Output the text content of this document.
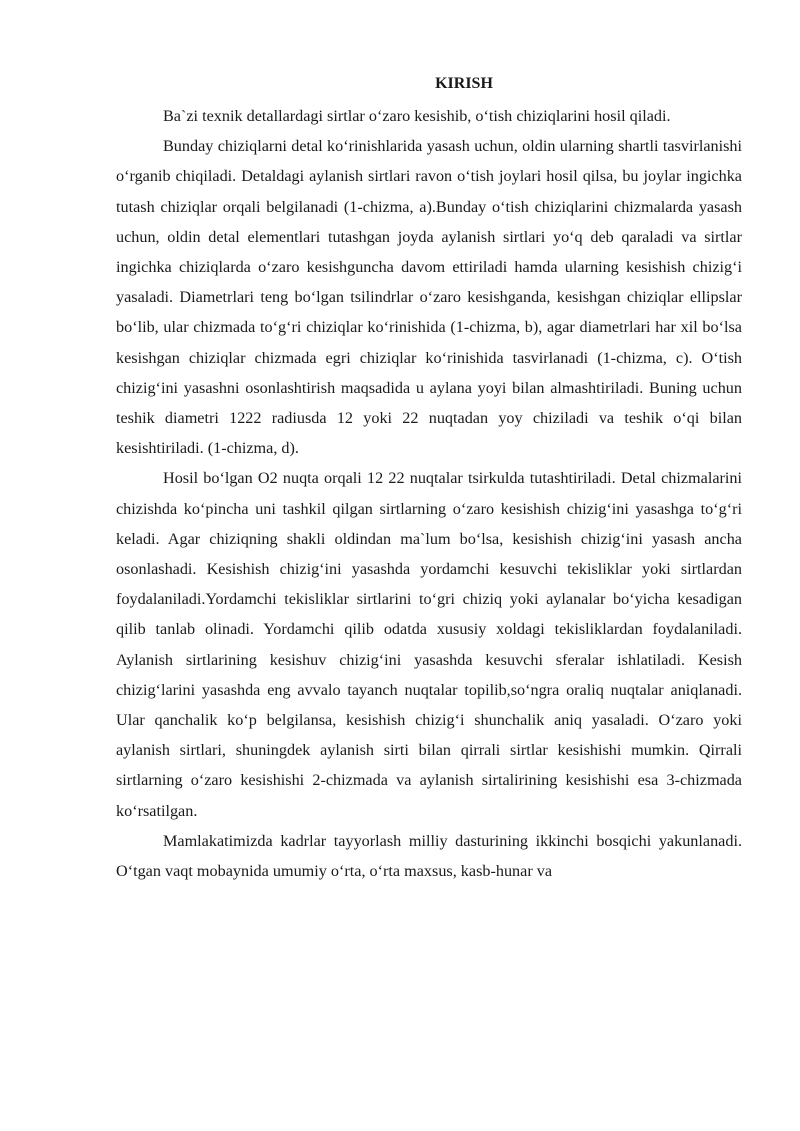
KIRISH

Ba`zi texnik detallardagi sirtlar o‘zaro kesishib, o‘tish chiziqlarini hosil qiladi.

Bunday chiziqlarni detal ko‘rinishlarida yasash uchun, oldin ularning shartli tasvirlanishi o‘rganib chiqiladi. Detaldagi aylanish sirtlari ravon o‘tish joylari hosil qilsa, bu joylar ingichka tutash chiziqlar orqali belgilanadi (1-chizma, a).Bunday o‘tish chiziqlarini chizmalarda yasash uchun, oldin detal elementlari tutashgan joyda aylanish sirtlari yo‘q deb qaraladi va sirtlar ingichka chiziqlarda o‘zaro kesishguncha davom ettiriladi hamda ularning kesishish chizig‘i yasaladi. Diametrlari teng bo‘lgan tsilindrlar o‘zaro kesishganda, kesishgan chiziqlar ellipslar bo‘lib, ular chizmada to‘g‘ri chiziqlar ko‘rinishida (1-chizma, b), agar diametrlari har xil bo‘lsa kesishgan chiziqlar chizmada egri chiziqlar ko‘rinishida tasvirlanadi (1-chizma, c). O‘tish chizig‘ini yasashni osonlashtirish maqsadida u aylana yoyi bilan almashtiriladi. Buning uchun teshik diametri 1222 radiusda 12 yoki 22 nuqtadan yoy chiziladi va teshik o‘qi bilan kesishtiriladi. (1-chizma, d).

Hosil bo‘lgan O2 nuqta orqali 12 22 nuqtalar tsirkulda tutashtiriladi. Detal chizmalarini chizishda ko‘pincha uni tashkil qilgan sirtlarning o‘zaro kesishish chizig‘ini yasashga to‘g‘ri keladi. Agar chiziqning shakli oldindan ma`lum bo‘lsa, kesishish chizig‘ini yasash ancha osonlashadi. Kesishish chizig‘ini yasashda yordamchi kesuvchi tekisliklar yoki sirtlardan foydalaniladi.Yordamchi tekisliklar sirtlarini to‘gri chiziq yoki aylanalar bo‘yicha kesadigan qilib tanlab olinadi. Yordamchi qilib odatda xususiy xoldagi tekisliklardan foydalaniladi. Aylanish sirtlarining kesishuv chizig‘ini yasashda kesuvchi sferalar ishlatiladi. Kesish chizig‘larini yasashda eng avvalo tayanch nuqtalar topilib,so‘ngra oraliq nuqtalar aniqlanadi. Ular qanchalik ko‘p belgilansa, kesishish chizig‘i shunchalik aniq yasaladi. O‘zaro yoki aylanish sirtlari, shuningdek aylanish sirti bilan qirrali sirtlar kesishishi mumkin. Qirrali sirtlarning o‘zaro kesishishi 2-chizmada va aylanish sirtalirining kesishishi esa 3-chizmada ko‘rsatilgan.

Mamlakatimizda kadrlar tayyorlash milliy dasturining ikkinchi bosqichi yakunlanadi. O‘tgan vaqt mobaynida umumiy o‘rta, o‘rta maxsus, kasb-hunar va
